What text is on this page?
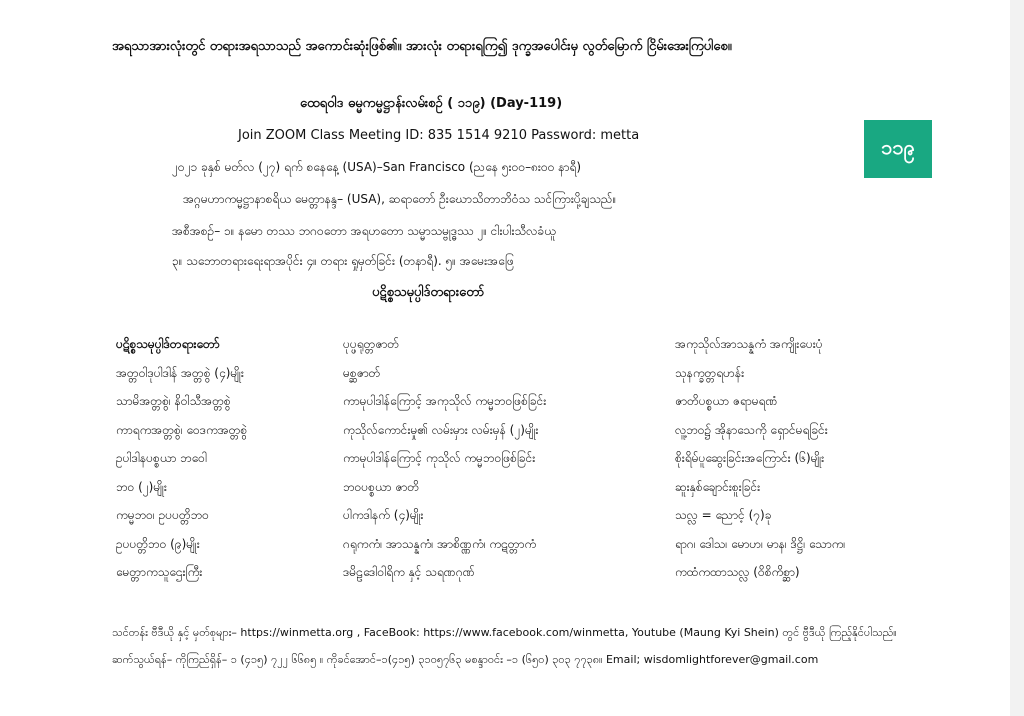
အရသာအားလုံးတွင် တရားအရသာသည် အကောင်းဆုံးဖြစ်၏။ အားလုံး တရားရကြ၍ ဒုက္ခအပေါင်းမှ လွတ်မြောက် ငြိမ်းအေးကြပါစေ။
ထေရဝါဒ ဓမ္မကမ္မဋ္ဌာန်းလမ်းစဥ် ( ၁၁၉) (Day-119)
Join ZOOM Class Meeting ID: 835 1514 9210 Password: metta
၂၀၂၁ ခုနှစ် မတ်လ (၂၇) ရက် စနေနေ့ (USA)–San Francisco (ညနေ ၅း၀၀–၈း၀၀ နာရီ)
အဂ္ဂမဟာကမ္မဋ္ဌာနာစရိယ မေတ္တာနန္ဒ– (USA), ဆရာတော် ဦးဃောသိတာဘိဝံသ သင်ကြားပို့ချသည်။
အစီအစဥ်– ၁။ နမော တဿ ဘဂဝတော အရဟတော သမ္မာသမ္ဗုဒ္ဓဿ ၂။ ငါးပါးသီလခံယူ
၃။ သဘောတရားရေးရာအပိုင်း ၄။ တရား ရှုမှတ်ခြင်း (တနာရီ). ၅။ အမေးအဖြေ
ပဋိစ္စသမုပ္ပါဒ်တရားတော်
၁၁၉
ပဋိစ္စသမုပ္ပါဒ်တရားတော်
အတ္တဝါဒုပါဒါန် အတ္တစွဲ (၄)မျိုး
သာမိအတ္တစွဲ၊ နိဝါသီအတ္တစွဲ
ကာရကအတ္တစွဲ၊ ဝေဒကအတ္တစွဲ
ဥပါဒါနပစ္စယာ ဘဝေါ
ဘဝ (၂)မျိုး
ကမ္မဘဝ၊ ဥပပတ္တိဘဝ
ဥပပတ္တိဘဝ (၉)မျိုး
မေတ္တာကသူဌေးကြီး
ပုပ္ဖရုတ္တဇာတ်
မစ္ဆဇာတ်
ကာမုပါဒါန်ကြောင့် အကုသိုလ် ကမ္မဘဝဖြစ်ခြင်း
ကုသိုလ်ကောင်းမှု၏ လမ်းမှား လမ်းမှန် (၂)မျိုး
ကာမုပါဒါန်ကြောင့် ကုသိုလ် ကမ္မဘဝဖြစ်ခြင်း
ဘဝပစ္စယာ ဇာတိ
ပါကဒါနက် (၄)မျိုး
ဂရုကကံ၊ အာသန္နကံ၊ အာစိဏ္ဏကံ၊ ကဋတ္တာကံ
ဒမိဠဒေါဝါရိက နှင့် သရဏဂုဏ်
အကုသိုလ်အာသန္နကံ အကျိုးပေးပုံ
သုနက္ခတ္တရဟန်း
ဇာတိပစ္စယာ ဇရာမရဏံ
လူ့ဘဝ၌ အိုနာသေကို ရှောင်မရခြင်း
စိုးရိမ်ပူဆွေးခြင်းအကြောင်း (၆)မျိုး
ဆူးနှစ်ချောင်းစူးခြင်း
သလ္လ = ညောင့် (၇)ခု
ရာဂ၊ ဒေါသ၊ မောဟ၊ မာန၊ ဒိဋ္ဌိ၊ သောက၊
ကထံကထာသလ္လ (ဝိစိကိစ္ဆာ)
သင်တန်း ဗီဒီယို နှင့် မှတ်စုများ– https://winmetta.org , FaceBook: https://www.facebook.com/winmetta, Youtube (Maung Kyi Shein) တွင် ဗွီဒီယို ကြည့်နိုင်ပါသည်။
ဆက်သွယ်ရန်– ကိုကြည်ရှိန်– ၁ (၄၁၅) ၇၂၂ ၆၆၈၅ ။ ကိုခင်အောင်–၁(၄၁၅) ၃၁၀၅၇၆၃ မစန္ဒာဝင်း –၁ (၆၅၀) ၃၀၃ ၇၇၃၈။ Email; wisdomlightforever@gmail.com
